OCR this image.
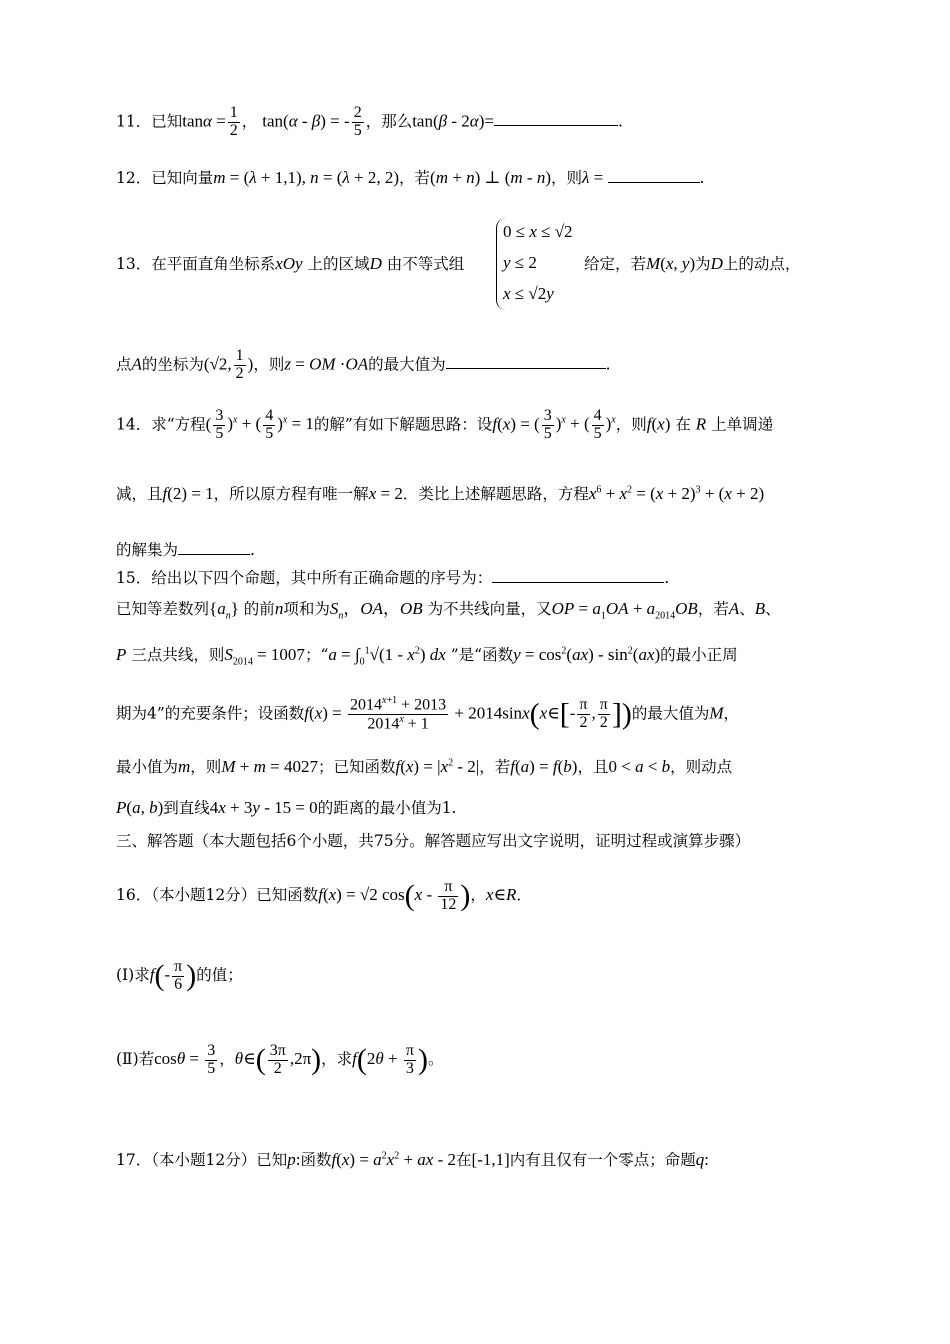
11．已知$\tan\alpha = \frac{1}{2}$ ， tan(α - β) = - $\frac{2}{5}$ ，那么tan(β - 2α)=	.
12．已知向量m = (λ + 1,1), n = (λ + 2, 2)，若(m + n) ⊥ (m - n)，则λ =	.
13．在平面直角坐标系xOy 上的区域D 由不等式组
0 ≤ x ≤ √2
y ≤ 2
x ≤ √2y
给定，若M(x, y)为D上的动点，
点A的坐标为(√2, $\frac{1}{2}$ )，则z = OM ·OA的最大值为	.
14．求“方程( $\frac{3}{5} )^x$ + ( $\frac{4}{5} )^x = 1$的解”有如下解题思路：设f(x) = ( $\frac{3}{5} )^x$ + ( $\frac{4}{5} )^x$，则f(x) 在 R 上单调递
减，且f(2) = 1，所以原方程有唯一解x = 2．类比上述解题思路，方程$x^6 + x^2 = (x + 2)^3 + (x + 2)$
的解集为	.
15．给出以下四个命题，其中所有正确命题的序号为：	.
已知等差数列$\{a_n\}$ 的前n项和为$S_n$，OA，OB 为不共线向量，又OP = $a_1OA + a_{2014}OB$，若A、B、
P 三点共线，则$S_{2014} = 1007$；“$a = \int_0^1√(1 - x^2)$ dx ”是“函数$y = \cos^2(ax) - \sin^2(ax)$的最小正周
期为4”的充要条件；设函数$f(x) = \frac{2014^{x+1} + 2013}{2014^x + 1}$ + 2014sinx(x∈[- $\frac{\pi}{2}$ , $\frac{\pi}{2}$ ])的最大值为M，
最小值为m，则M + m = 4027；已知函数$f(x) = |x^2 - 2|$，若f(a) = f(b)，且0 < a < b，则动点
P(a, b)到直线4x + 3y - 15 = 0的距离的最小值为1.
三、解答题（本大题包括6个小题，共75分。解答题应写出文字说明，证明过程或演算步骤）
16．（本小题12分）已知函数f(x) = √2 $\cos(x - \frac{\pi}{12}$ )，x∈R．
(Ⅰ)求$f(- \frac{\pi}{6}$ )的值；
(Ⅱ)若$\cos\theta = \frac{3}{5}$ ，θ∈( $\frac{3\pi}{2} ,2\pi$)，求$f(2\theta + \frac{\pi}{3}$ )。
17．（本小题12分）已知p:函数$f(x) = a^2x^2$ + ax - 2在[-1,1]内有且仅有一个零点；命题q:
